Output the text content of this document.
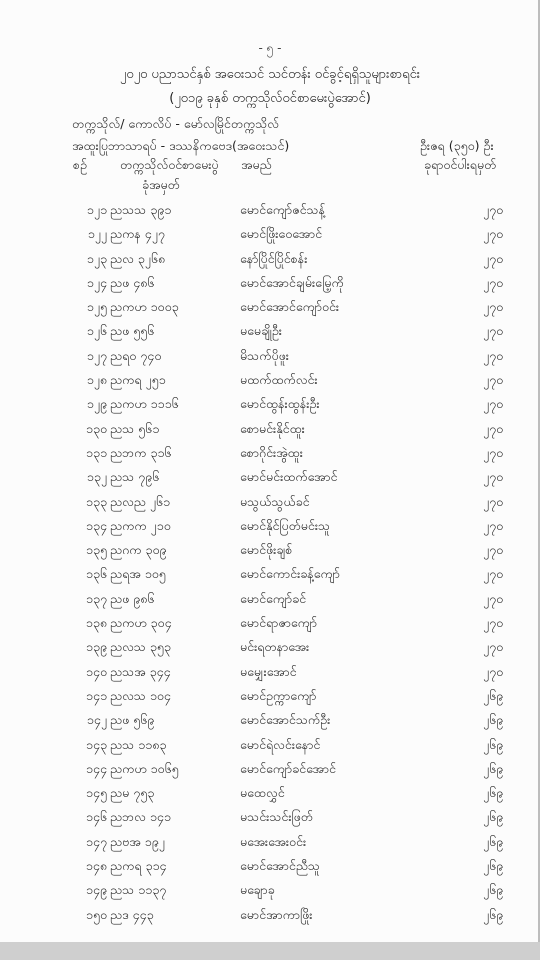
- ၅ -
၂၀၂၀ ပညာသင်နှစ် အဝေးသင် သင်တန်း ဝင်ခွင့်ရရှိသူများစာရင်း
(၂၀၁၉ ခုနှစ် တက္ကသိုလ်ဝင်စာမေးပွဲအောင်)
တက္ကသိုလ်/ ကောလိပ် - မော်လမြိုင်တက္ကသိုလ်
အထူးပြုဘာသာရပ် - ဒဿနိကဗေဒ(အဝေးသင်)	ဦးဇရ (၃၅၀) ဦး
ခုရာဝင်ပါးရမှတ်
စဉ်	တက္ကသိုလ်ဝင်စာမေးပွဲ
ခုံအမှတ်
အမည်
၁၂၁ ညသသ ၃၉၁	မောင်ကျော်ဇင်သန့်	၂၇၀
၁၂၂ ညကန ၄၂၇	မောင်ဖြိုးဝေအောင်	၂၇၀
၁၂၃ ညလ ၃၂၆၈	နော်ပြိုင်ပြိုင်စန်း	၂၇၀
၁၂၄ ညဖ ၄၈၆	မောင်အောင်ချမ်းမြေ့ကို	၂၇၀
၁၂၅ ညကဟ ၁၀၀၃	မောင်အောင်ကျော်ဝင်း	၂၇၀
၁၂၆ ညဖ ၅၅၆	မမေချိုဦး	၂၇၀
၁၂၇ ညရ၀ ၇၄၀	မိသက်ပိုဖူး	၂၇၀
၁၂၈ ညကရ ၂၅၁	မထက်ထက်လင်း	၂၇၀
၁၂၉ ညကဟ ၁၁၁၆	မောင်ထွန်းထွန်းဦး	၂၇၀
၁၃၀ ညသ ၅၆၁	စောမင်းနိုင်ထူး	၂၇၀
၁၃၁ ညဘက ၃၁၆	စောဂိုင်းအွဲထူး	၂၇၀
၁၃၂ ညသ ၇၉၆	မောင်မင်းထက်အောင်	၂၇၀
၁၃၃ ညလည ၂၆၁	မသွယ်သွယ်ခင်	၂၇၀
၁၃၄ ညကက ၂၁၀	မောင်နိုင်ပြတ်မင်းသူ	၂၇၀
၁၃၅ ညဂက ၃၀၉	မောင်ဖိုးချစ်	၂၇၀
၁၃၆ ညရအ ၁၀၅	မောင်ကောင်းခန့်ကျော်	၂၇၀
၁၃၇ ညဖ ၉၈၆	မောင်ကျော်ခင်	၂၇၀
၁၃၈ ညကဟ ၃၀၄	မောင်ရာဇာကျော်	၂၇၀
၁၃၉ ညလသ ၃၅၃	မင်းရတနာအေး	၂၇၀
၁၄၀ ညသအ ၃၄၄	မမျှေးအောင်	၂၇၀
၁၄၁ ညလသ ၁၀၄	မောင်ဥက္ကာကျော်	၂၆၉
၁၄၂ ညဖ ၅၆၉	မောင်အောင်သက်ဦး	၂၆၉
၁၄၃ ညသ ၁၁၈၃	မောင်ရဲလင်းနောင်	၂၆၉
၁၄၄ ညကဟ ၁၀၆၅	မောင်ကျော်ခင်အောင်	၂၆၉
၁၄၅ ညမ ၇၅၃	မထေလွှင်	၂၆၉
၁၄၆ ညဘလ ၁၄၁	မသင်းသင်းဖြတ်	၂၆၉
၁၄၇ ညဗအ ၁၉၂	မအေးအေးဝင်း	၂၆၉
၁၄၈ ညကရ ၃၁၄	မောင်အောင်ညီသူ	၂၆၉
၁၄၉ ညသ ၁၁၃၇	မချောခု	၂၆၉
၁၅၀ ညဒ ၄၄၃	မောင်အာကာဖြိုး	၂၆၉
